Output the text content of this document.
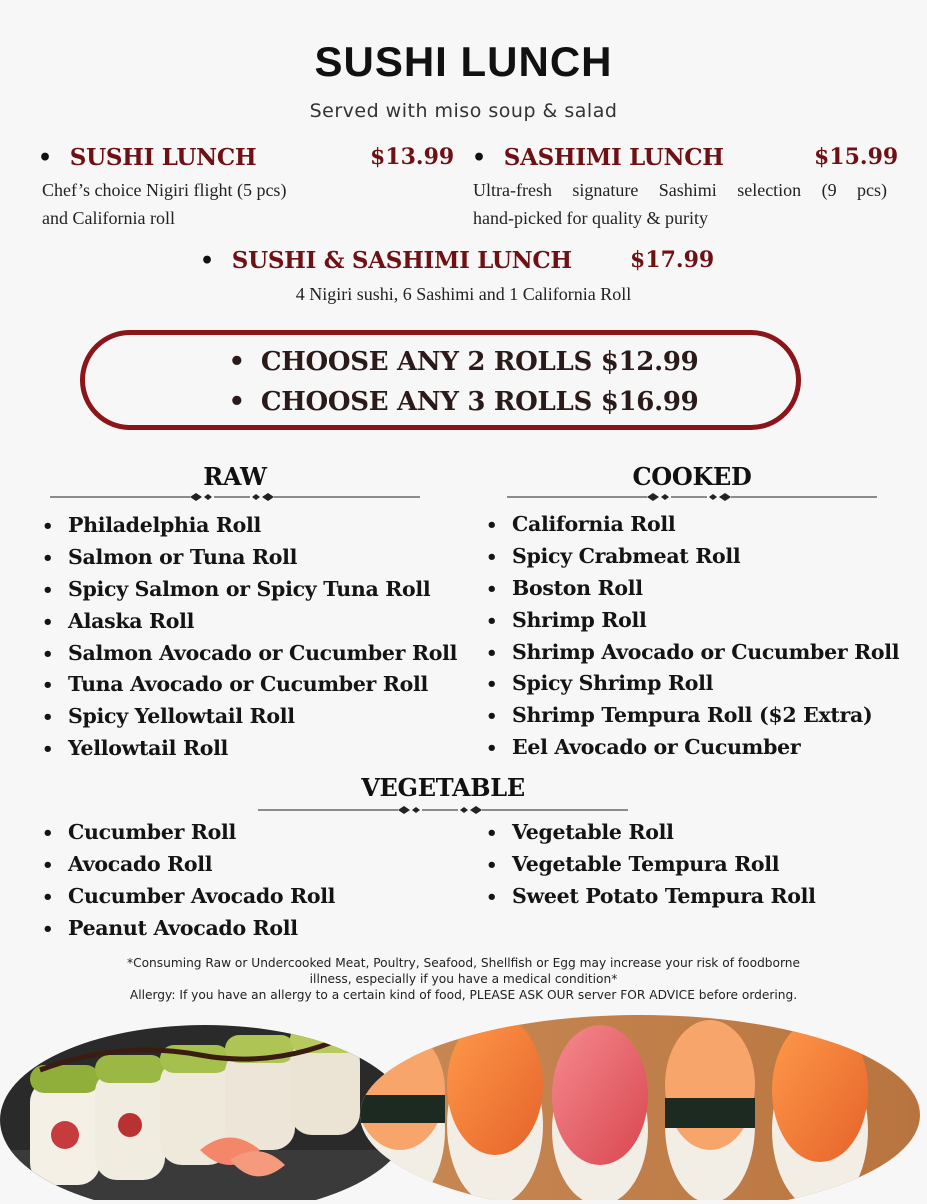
SUSHI LUNCH
Served with miso soup & salad
• SUSHI LUNCH	$13.99
Chef’s choice Nigiri flight (5 pcs)
and California roll
• SASHIMI LUNCH	$15.99
Ultra-fresh signature Sashimi selection (9 pcs)
hand-picked for quality & purity
• SUSHI & SASHIMI LUNCH	$17.99
4 Nigiri sushi, 6 Sashimi and 1 California Roll
• CHOOSE ANY 2 ROLLS $12.99
• CHOOSE ANY 3 ROLLS $16.99
RAW
• Philadelphia Roll
• Salmon or Tuna Roll
• Spicy Salmon or Spicy Tuna Roll
• Alaska Roll
• Salmon Avocado or Cucumber Roll
• Tuna Avocado or Cucumber Roll
• Spicy Yellowtail Roll
• Yellowtail Roll
COOKED
• California Roll
• Spicy Crabmeat Roll
• Boston Roll
• Shrimp Roll
• Shrimp Avocado or Cucumber Roll
• Spicy Shrimp Roll
• Shrimp Tempura Roll ($2 Extra)
• Eel Avocado or Cucumber
VEGETABLE
• Cucumber Roll
• Avocado Roll
• Cucumber Avocado Roll
• Peanut Avocado Roll
• Vegetable Roll
• Vegetable Tempura Roll
• Sweet Potato Tempura Roll
*Consuming Raw or Undercooked Meat, Poultry, Seafood, Shellfish or Egg may increase your risk of foodborne
illness, especially if you have a medical condition*
Allergy: If you have an allergy to a certain kind of food, PLEASE ASK OUR server FOR ADVICE before ordering.
